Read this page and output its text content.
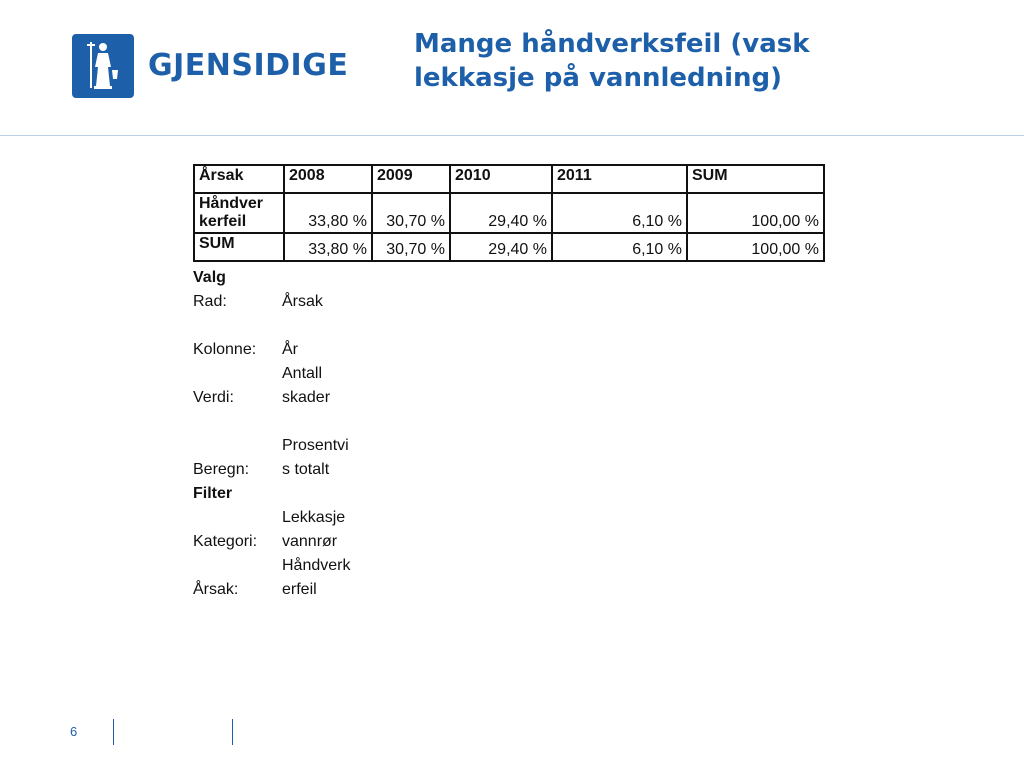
GJENSIDIGE
Mange håndverksfeil (vask
lekkasje på vannledning)
Årsak	2008	2009	2010	2011	SUM

Håndver
kerfeil	33,80 %	30,70 %	29,40 %	6,10 %	100,00 %
SUM	33,80 %	30,70 %	29,40 %	6,10 %	100,00 %
Valg
Rad:	Årsak
Kolonne:	År
Antall
Verdi:	skader
Prosentvi
Beregn:	s totalt
Filter
Lekkasje
Kategori:	vannrør
Håndverk
Årsak:	erfeil
6
